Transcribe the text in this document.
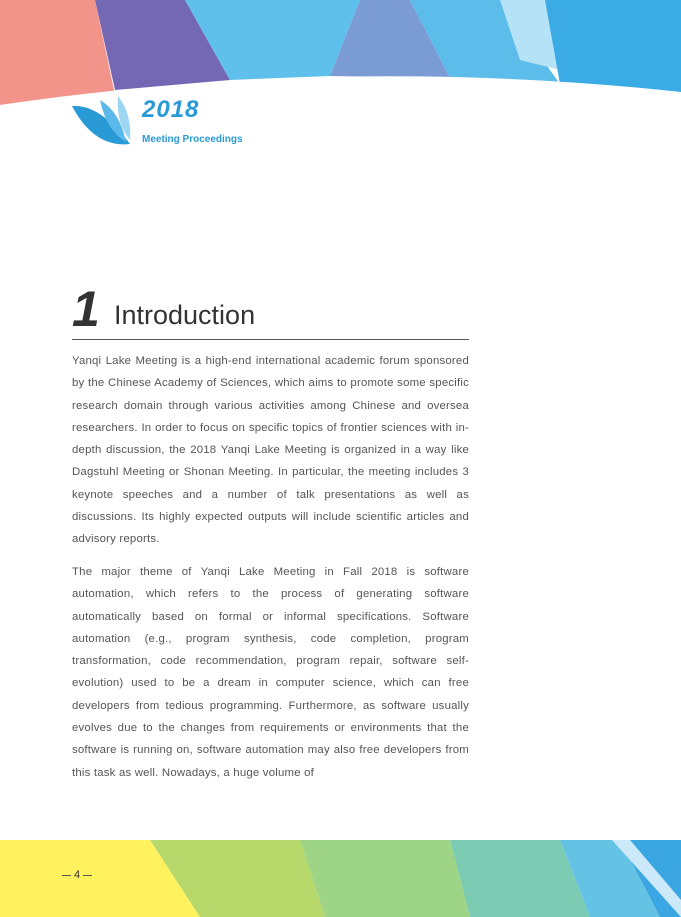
2018
Meeting Proceedings
1 Introduction

Yanqi Lake Meeting is a high-end international academic forum sponsored by the Chinese Academy of Sciences, which aims to promote some specific research domain through various activities among Chinese and oversea researchers. In order to focus on specific topics of frontier sciences with in-depth discussion, the 2018 Yanqi Lake Meeting is organized in a way like Dagstuhl Meeting or Shonan Meeting. In particular, the meeting includes 3 keynote speeches and a number of talk presentations as well as discussions. Its highly expected outputs will include scientific articles and advisory reports.

The major theme of Yanqi Lake Meeting in Fall 2018 is software automation, which refers to the process of generating software automatically based on formal or informal specifications. Software automation (e.g., program synthesis, code completion, program transformation, code recommendation, program repair, software self-evolution) used to be a dream in computer science, which can free developers from tedious programming. Furthermore, as software usually evolves due to the changes from requirements or environments that the software is running on, software automation may also free developers from this task as well. Nowadays, a huge volume of

4
